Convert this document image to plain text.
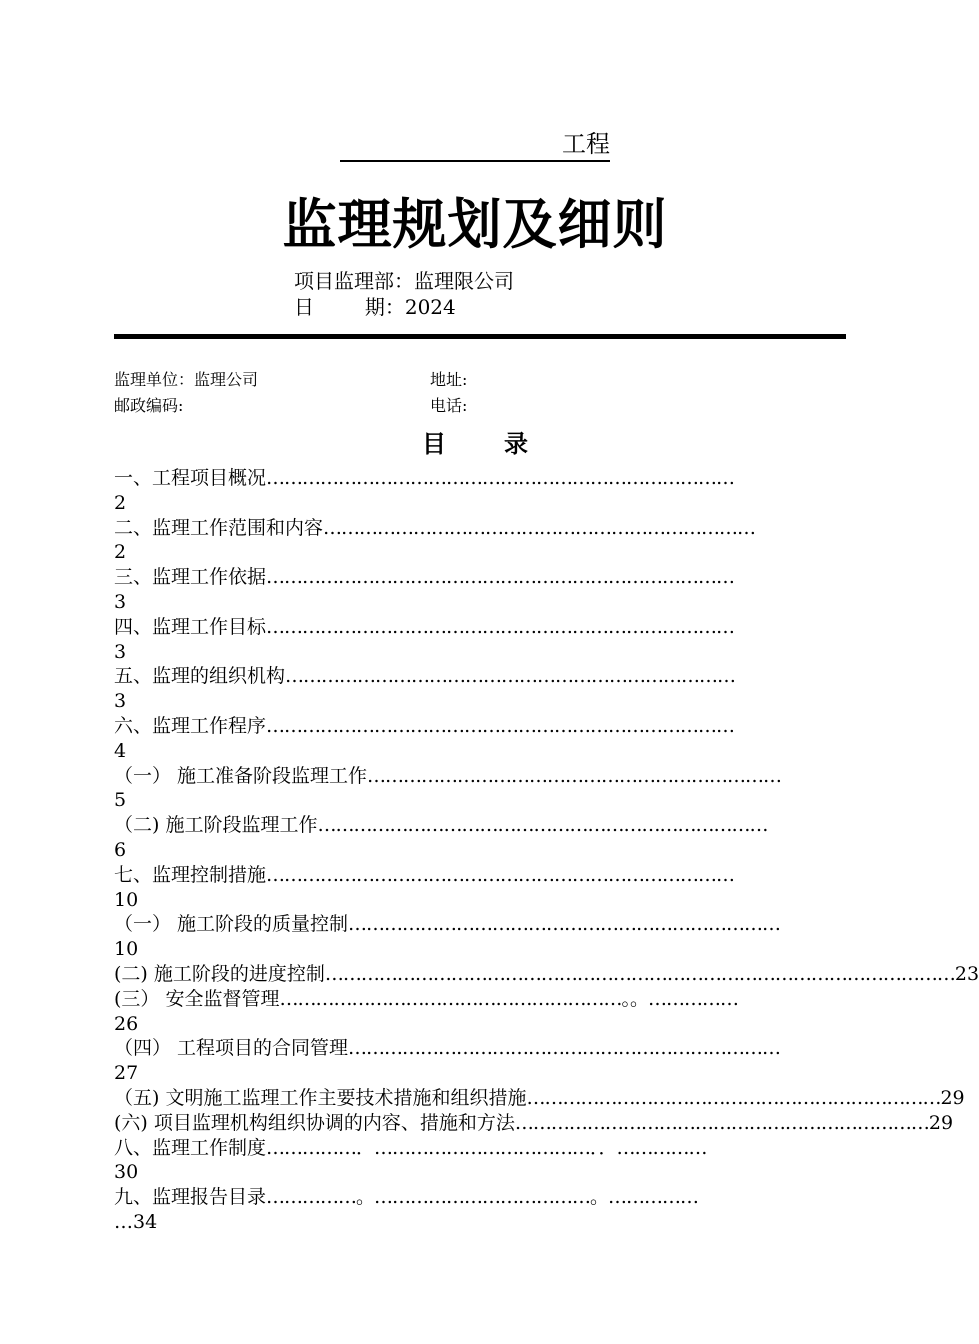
工程
监理规划及细则
项目监理部：监理限公司
日        期：2024
监理单位：监理公司	地址:
邮政编码:	电话:
目录
一、工程项目概况……………………………………………………………………
2
二、监理工作范围和内容………………………………………………………………
2
三、监理工作依据……………………………………………………………………
3
四、监理工作目标……………………………………………………………………
3
五、监理的组织机构…………………………………………………………………
3
六、监理工作程序……………………………………………………………………
4
（一） 施工准备阶段监理工作……………………………………………………………
5
（二) 施工阶段监理工作…………………………………………………………………
6
七、监理控制措施……………………………………………………………………
10
（一） 施工阶段的质量控制………………………………………………………………
10
(二) 施工阶段的进度控制 …………………………………………………………………………………………… 23
(三） 安全监督管理…………………………………………………。。……………
26
（四） 工程项目的合同管理………………………………………………………………
27
（五) 文明施工监理工作主要技术措施和组织措施 …………………………………………………………… 29
(六) 项目监理机构组织协调的内容、措施和方法 …………………………………………………………… 29
八、监理工作制度……………．………………………………．．……………
30
九、监理报告目录……………。………………………………。……………
…34
